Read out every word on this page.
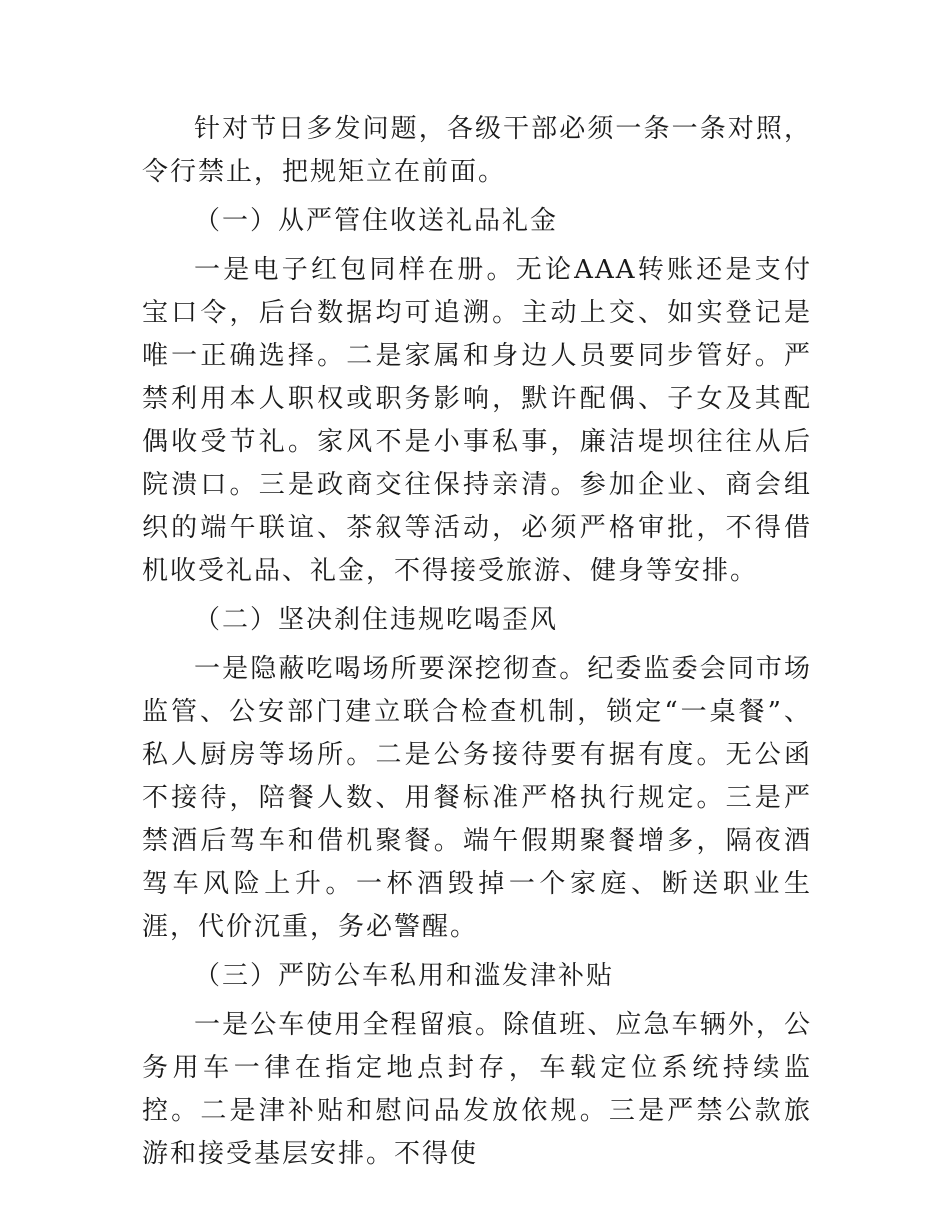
针对节日多发问题，各级干部必须一条一条对照，令行禁止，把规矩立在前面。

（一）从严管住收送礼品礼金

一是电子红包同样在册。无论AAA转账还是支付宝口令，后台数据均可追溯。主动上交、如实登记是唯一正确选择。二是家属和身边人员要同步管好。严禁利用本人职权或职务影响，默许配偶、子女及其配偶收受节礼。家风不是小事私事，廉洁堤坝往往从后院溃口。三是政商交往保持亲清。参加企业、商会组织的端午联谊、茶叙等活动，必须严格审批，不得借机收受礼品、礼金，不得接受旅游、健身等安排。

（二）坚决刹住违规吃喝歪风

一是隐蔽吃喝场所要深挖彻查。纪委监委会同市场监管、公安部门建立联合检查机制，锁定“一桌餐”、私人厨房等场所。二是公务接待要有据有度。无公函不接待，陪餐人数、用餐标准严格执行规定。三是严禁酒后驾车和借机聚餐。端午假期聚餐增多，隔夜酒驾车风险上升。一杯酒毁掉一个家庭、断送职业生涯，代价沉重，务必警醒。

（三）严防公车私用和滥发津补贴

一是公车使用全程留痕。除值班、应急车辆外，公务用车一律在指定地点封存，车载定位系统持续监控。二是津补贴和慰问品发放依规。三是严禁公款旅游和接受基层安排。不得使
